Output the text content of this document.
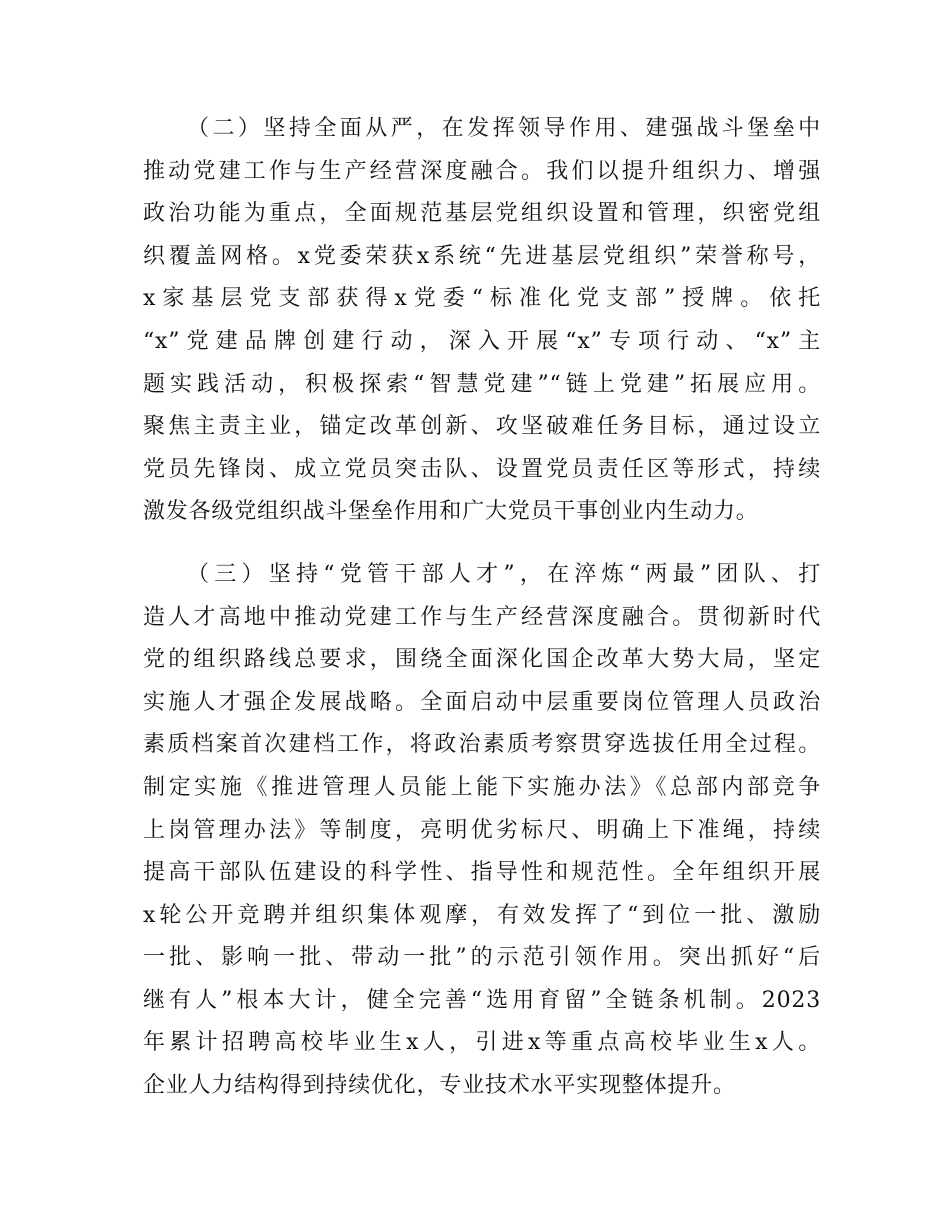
（二）坚持全面从严，在发挥领导作用、建强战斗堡垒中
推动党建工作与生产经营深度融合。我们以提升组织力、增强
政治功能为重点，全面规范基层党组织设置和管理，织密党组
织覆盖网格。x党委荣获x系统“先进基层党组织”荣誉称号，
x家基层党支部获得x党委“标准化党支部”授牌。依托
“x”党建品牌创建行动，深入开展“x”专项行动、“x”主
题实践活动，积极探索“智慧党建”“链上党建”拓展应用。
聚焦主责主业，锚定改革创新、攻坚破难任务目标，通过设立
党员先锋岗、成立党员突击队、设置党员责任区等形式，持续
激发各级党组织战斗堡垒作用和广大党员干事创业内生动力。

（三）坚持“党管干部人才”，在淬炼“两最”团队、打
造人才高地中推动党建工作与生产经营深度融合。贯彻新时代
党的组织路线总要求，围绕全面深化国企改革大势大局，坚定
实施人才强企发展战略。全面启动中层重要岗位管理人员政治
素质档案首次建档工作，将政治素质考察贯穿选拔任用全过程。
制定实施《推进管理人员能上能下实施办法》《总部内部竞争
上岗管理办法》等制度，亮明优劣标尺、明确上下准绳，持续
提高干部队伍建设的科学性、指导性和规范性。全年组织开展
x轮公开竞聘并组织集体观摩，有效发挥了“到位一批、激励
一批、影响一批、带动一批”的示范引领作用。突出抓好“后
继有人”根本大计，健全完善“选用育留”全链条机制。2023
年累计招聘高校毕业生x人，引进x等重点高校毕业生x人。
企业人力结构得到持续优化，专业技术水平实现整体提升。
